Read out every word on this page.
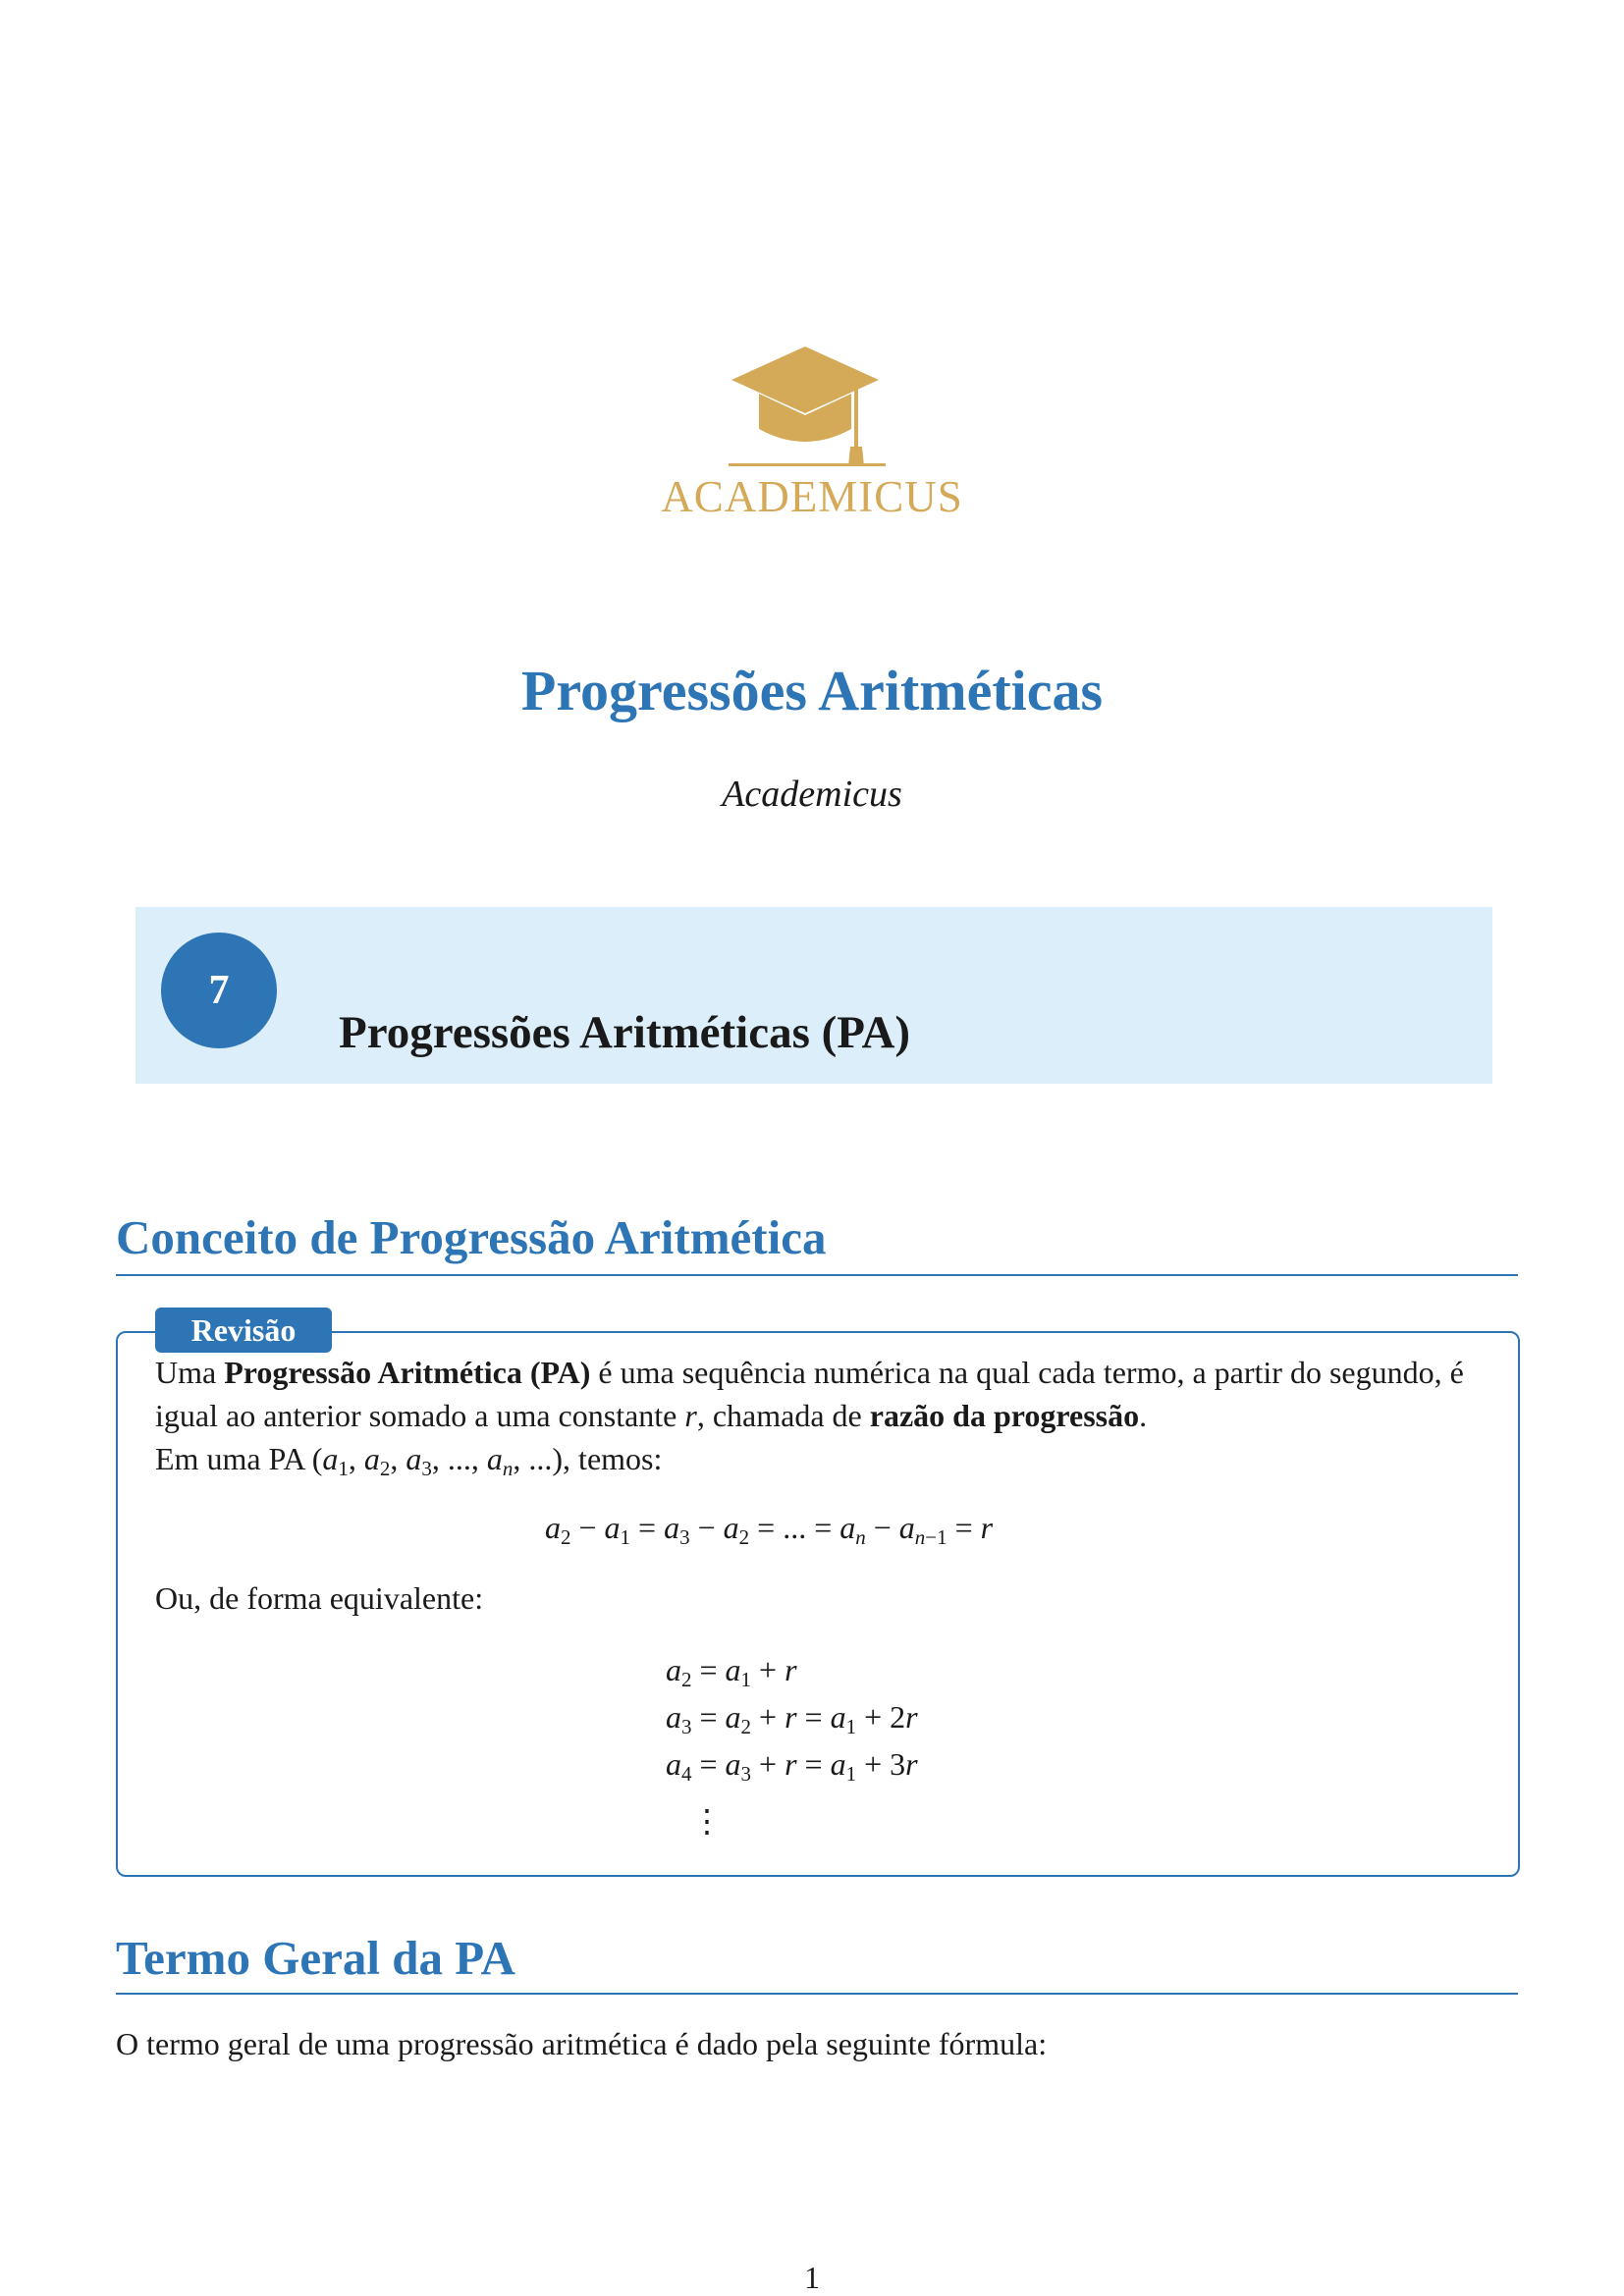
ACADEMICUS
Progressões Aritméticas
Academicus
7
Progressões Aritméticas (PA)
Conceito de Progressão Aritmética
Revisão
Uma Progressão Aritmética (PA) é uma sequência numérica na qual cada termo, a partir do segundo, é igual ao anterior somado a uma constante r, chamada de razão da progressão.
Em uma PA ($a_1$, $a_2$, $a_3$, ..., $a_n$, ...), temos:
$a_2 - a_1 = a_3 - a_2$ = ... = $a_n - a_{n-1} = r$
Ou, de forma equivalente:
$a_2 = a_1 + r$
$a_3 = a_2 + r = a_1 + 2r$
$a_4 = a_3 + r = a_1 + 3r$
⋮
Termo Geral da PA
O termo geral de uma progressão aritmética é dado pela seguinte fórmula:
1
